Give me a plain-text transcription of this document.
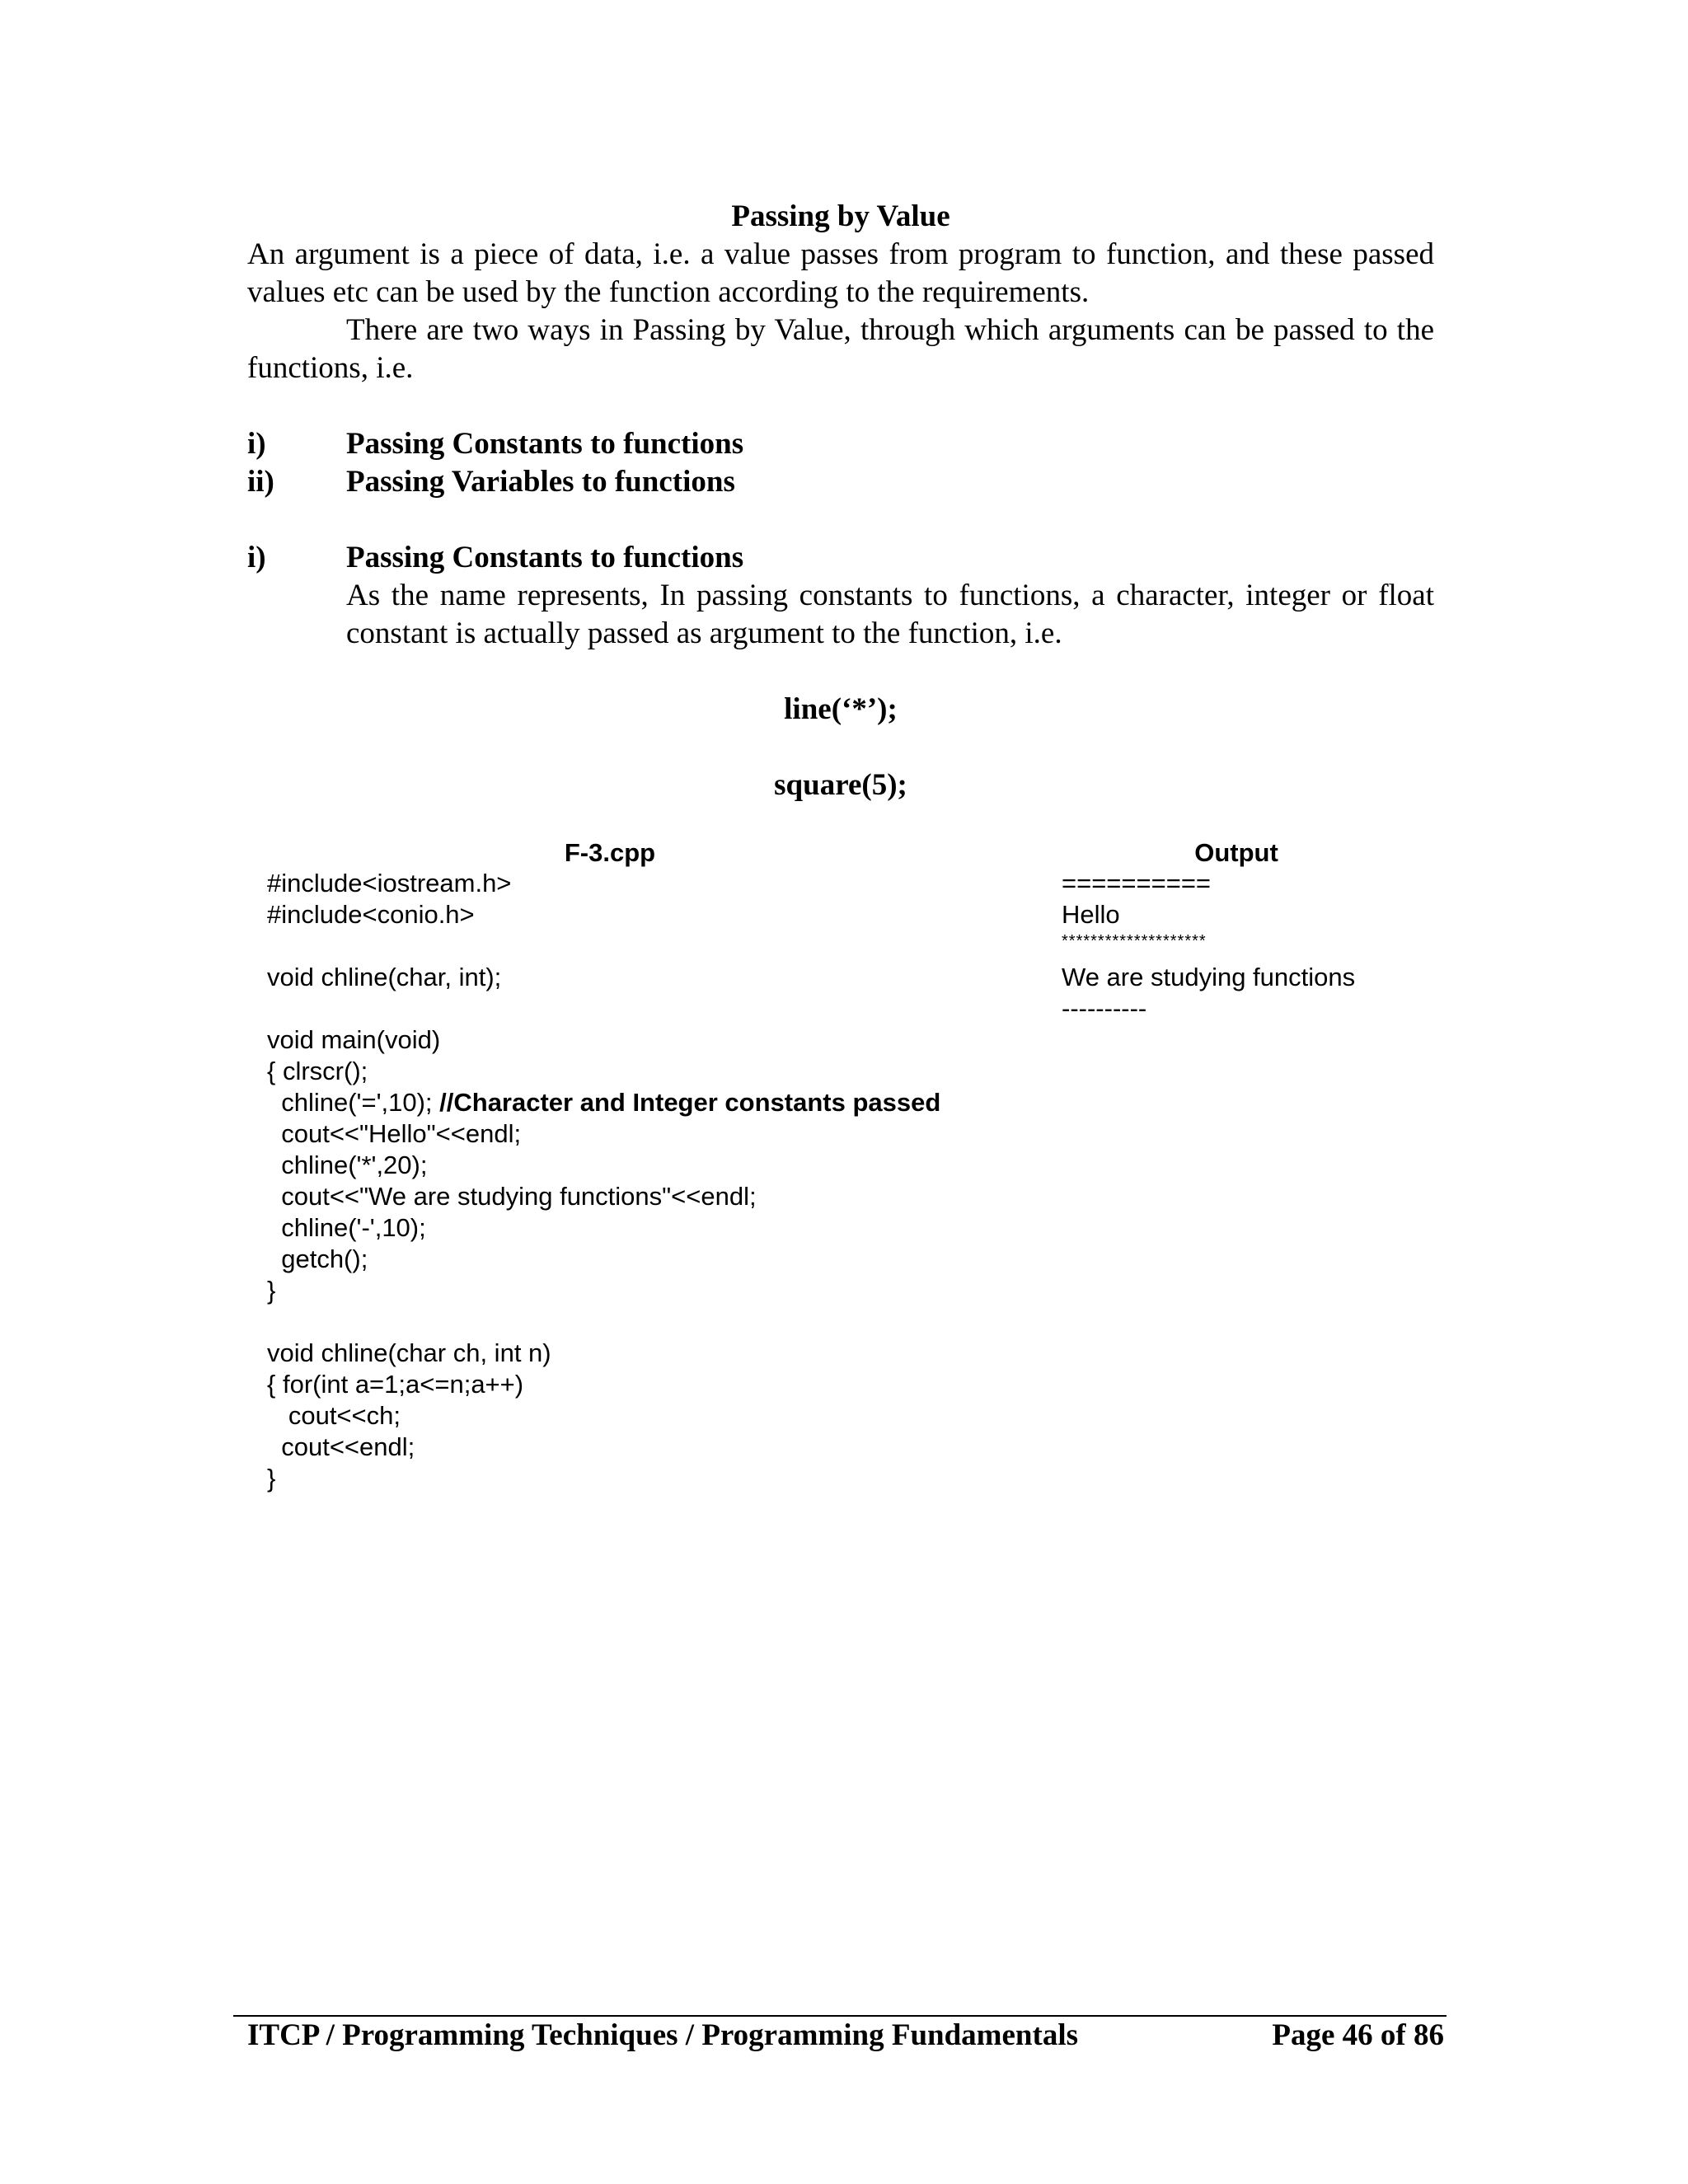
Passing by Value
An argument is a piece of data, i.e. a value passes from program to function, and these passed values etc can be used by the function according to the requirements.
There are two ways in Passing by Value, through which arguments can be passed to the functions, i.e.
i)	Passing Constants to functions
ii) Passing Variables to functions
i)	Passing Constants to functions
As the name represents, In passing constants to functions, a character, integer or float constant is actually passed as argument to the function, i.e.
line(‘*’);
square(5);
F-3.cpp
#include<iostream.h>
#include<conio.h>
void chline(char, int);
void main(void)
{ clrscr();
chline('=',10); //Character and Integer constants passed
cout<<"Hello"<<endl;
chline('*',20);
cout<<"We are studying functions"<<endl;
chline('-',10);
getch();
}
void chline(char ch, int n)
{ for(int a=1;a<=n;a++)
cout<<ch;
cout<<endl;
}
Output
==========
Hello
********************
We are studying functions
----------
ITCP / Programming Techniques / Programming Fundamentals	Page 46 of 86
